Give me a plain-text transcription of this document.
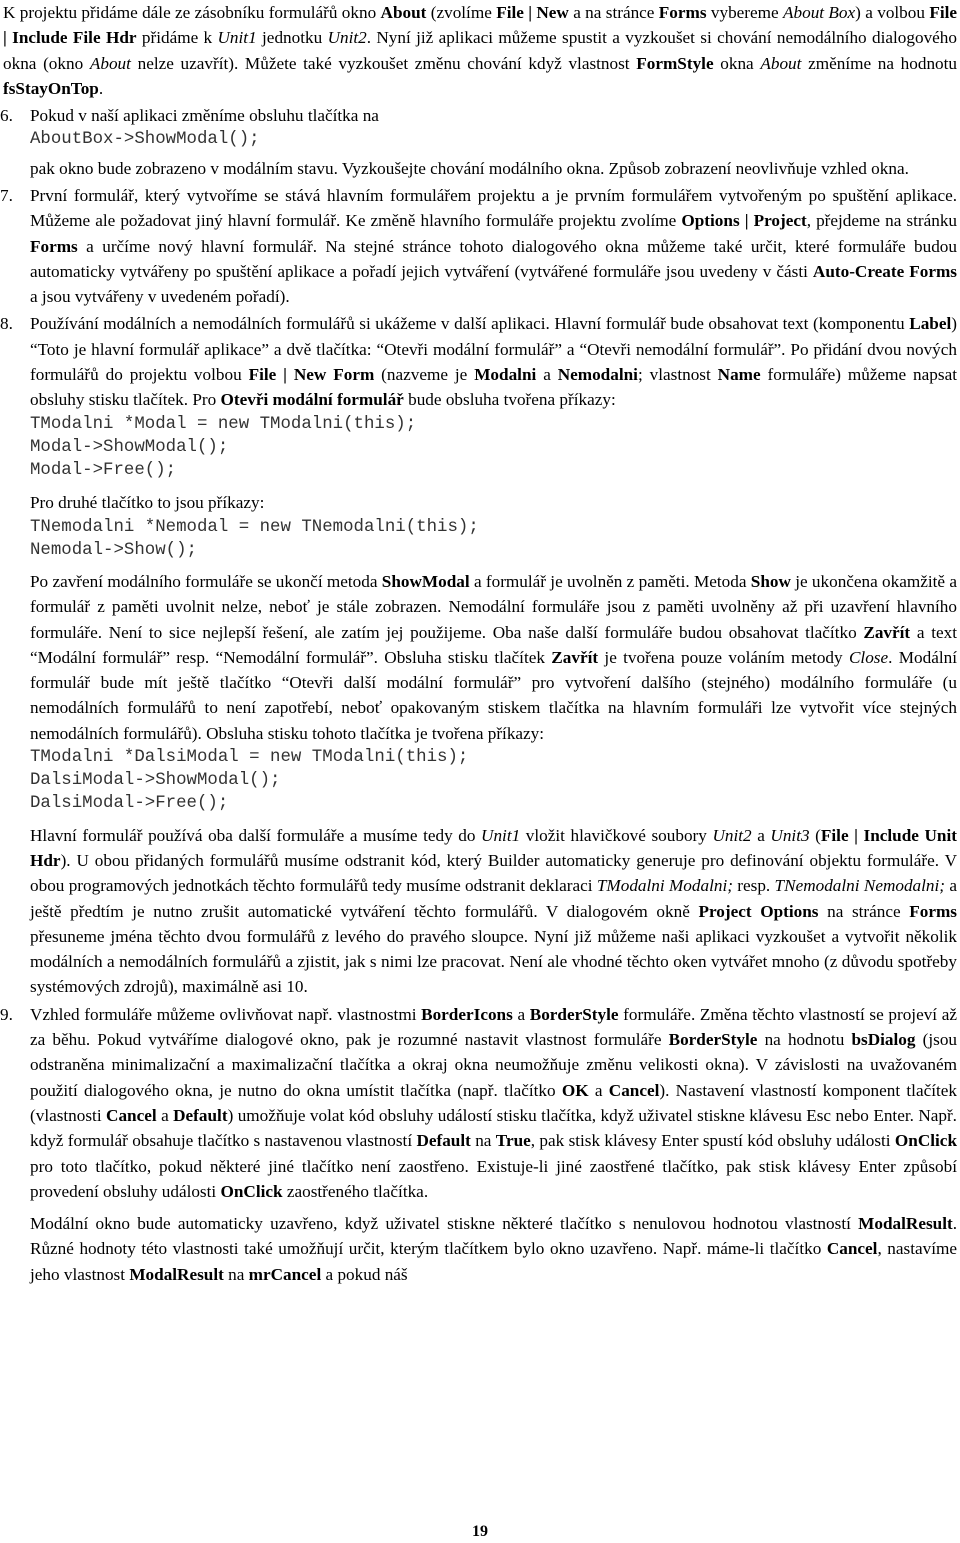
K projektu přidáme dále ze zásobníku formulářů okno About (zvolíme File | New a na stránce Forms vybereme About Box) a volbou File | Include File Hdr přidáme k Unit1 jednotku Unit2. Nyní již aplikaci můžeme spustit a vyzkoušet si chování nemodálního dialogového okna (okno About nelze uzavřít). Můžete také vyzkoušet změnu chování když vlastnost FormStyle okna About změníme na hodnotu fsStayOnTop.

6. Pokud v naší aplikaci změníme obsluhu tlačítka na

AboutBox->ShowModal();

pak okno bude zobrazeno v modálním stavu. Vyzkoušejte chování modálního okna. Způsob zobrazení neovlivňuje vzhled okna.

7. První formulář, který vytvoříme se stává hlavním formulářem projektu a je prvním formulářem vytvořeným po spuštění aplikace. Můžeme ale požadovat jiný hlavní formulář. Ke změně hlavního formuláře projektu zvolíme Options | Project, přejdeme na stránku Forms a určíme nový hlavní formulář. Na stejné stránce tohoto dialogového okna můžeme také určit, které formuláře budou automaticky vytvářeny po spuštění aplikace a pořadí jejich vytváření (vytvářené formuláře jsou uvedeny v části Auto-Create Forms a jsou vytvářeny v uvedeném pořadí).

8. Používání modálních a nemodálních formulářů si ukážeme v další aplikaci. Hlavní formulář bude obsahovat text (komponentu Label) “Toto je hlavní formulář aplikace” a dvě tlačítka: “Otevři modální formulář” a “Otevři nemodální formulář”. Po přidání dvou nových formulářů do projektu volbou File | New Form (nazveme je Modalni a Nemodalni; vlastnost Name formuláře) můžeme napsat obsluhy stisku tlačítek. Pro Otevři modální formulář bude obsluha tvořena příkazy:

TModalni *Modal = new TModalni(this);

Modal->ShowModal();

Modal->Free();

Pro druhé tlačítko to jsou příkazy:

TNemodalni *Nemodal = new TNemodalni(this);

Nemodal->Show();

Po zavření modálního formuláře se ukončí metoda ShowModal a formulář je uvolněn z paměti. Metoda Show je ukončena okamžitě a formulář z paměti uvolnit nelze, neboť je stále zobrazen. Nemodální formuláře jsou z paměti uvolněny až při uzavření hlavního formuláře. Není to sice nejlepší řešení, ale zatím jej použijeme. Oba naše další formuláře budou obsahovat tlačítko Zavřít a text “Modální formulář” resp. “Nemodální formulář”. Obsluha stisku tlačítek Zavřít je tvořena pouze voláním metody Close. Modální formulář bude mít ještě tlačítko “Otevři další modální formulář” pro vytvoření dalšího (stejného) modálního formuláře (u nemodálních formulářů to není zapotřebí, neboť opakovaným stiskem tlačítka na hlavním formuláři lze vytvořit více stejných nemodálních formulářů). Obsluha stisku tohoto tlačítka je tvořena příkazy:

TModalni *DalsiModal = new TModalni(this);

DalsiModal->ShowModal();

DalsiModal->Free();

Hlavní formulář používá oba další formuláře a musíme tedy do Unit1 vložit hlavičkové soubory Unit2 a Unit3 (File | Include Unit Hdr). U obou přidaných formulářů musíme odstranit kód, který Builder automaticky generuje pro definování objektu formuláře. V obou programových jednotkách těchto formulářů tedy musíme odstranit deklaraci TModalni Modalni; resp. TNemodalni Nemodalni; a ještě předtím je nutno zrušit automatické vytváření těchto formulářů. V dialogovém okně Project Options na stránce Forms přesuneme jména těchto dvou formulářů z levého do pravého sloupce. Nyní již můžeme naši aplikaci vyzkoušet a vytvořit několik modálních a nemodálních formulářů a zjistit, jak s nimi lze pracovat. Není ale vhodné těchto oken vytvářet mnoho (z důvodu spotřeby systémových zdrojů), maximálně asi 10.

9. Vzhled formuláře můžeme ovlivňovat např. vlastnostmi BorderIcons a BorderStyle formuláře. Změna těchto vlastností se projeví až za běhu. Pokud vytváříme dialogové okno, pak je rozumné nastavit vlastnost formuláře BorderStyle na hodnotu bsDialog (jsou odstraněna minimalizační a maximalizační tlačítka a okraj okna neumožňuje změnu velikosti okna). V závislosti na uvažovaném použití dialogového okna, je nutno do okna umístit tlačítka (např. tlačítko OK a Cancel). Nastavení vlastností komponent tlačítek (vlastnosti Cancel a Default) umožňuje volat kód obsluhy událostí stisku tlačítka, když uživatel stiskne klávesu Esc nebo Enter. Např. když formulář obsahuje tlačítko s nastavenou vlastností Default na True, pak stisk klávesy Enter spustí kód obsluhy události OnClick pro toto tlačítko, pokud některé jiné tlačítko není zaostřeno. Existuje-li jiné zaostřené tlačítko, pak stisk klávesy Enter způsobí provedení obsluhy události OnClick zaostřeného tlačítka.

Modální okno bude automaticky uzavřeno, když uživatel stiskne některé tlačítko s nenulovou hodnotou vlastností ModalResult. Různé hodnoty této vlastnosti také umožňují určit, kterým tlačítkem bylo okno uzavřeno. Např. máme-li tlačítko Cancel, nastavíme jeho vlastnost ModalResult na mrCancel a pokud náš

19
